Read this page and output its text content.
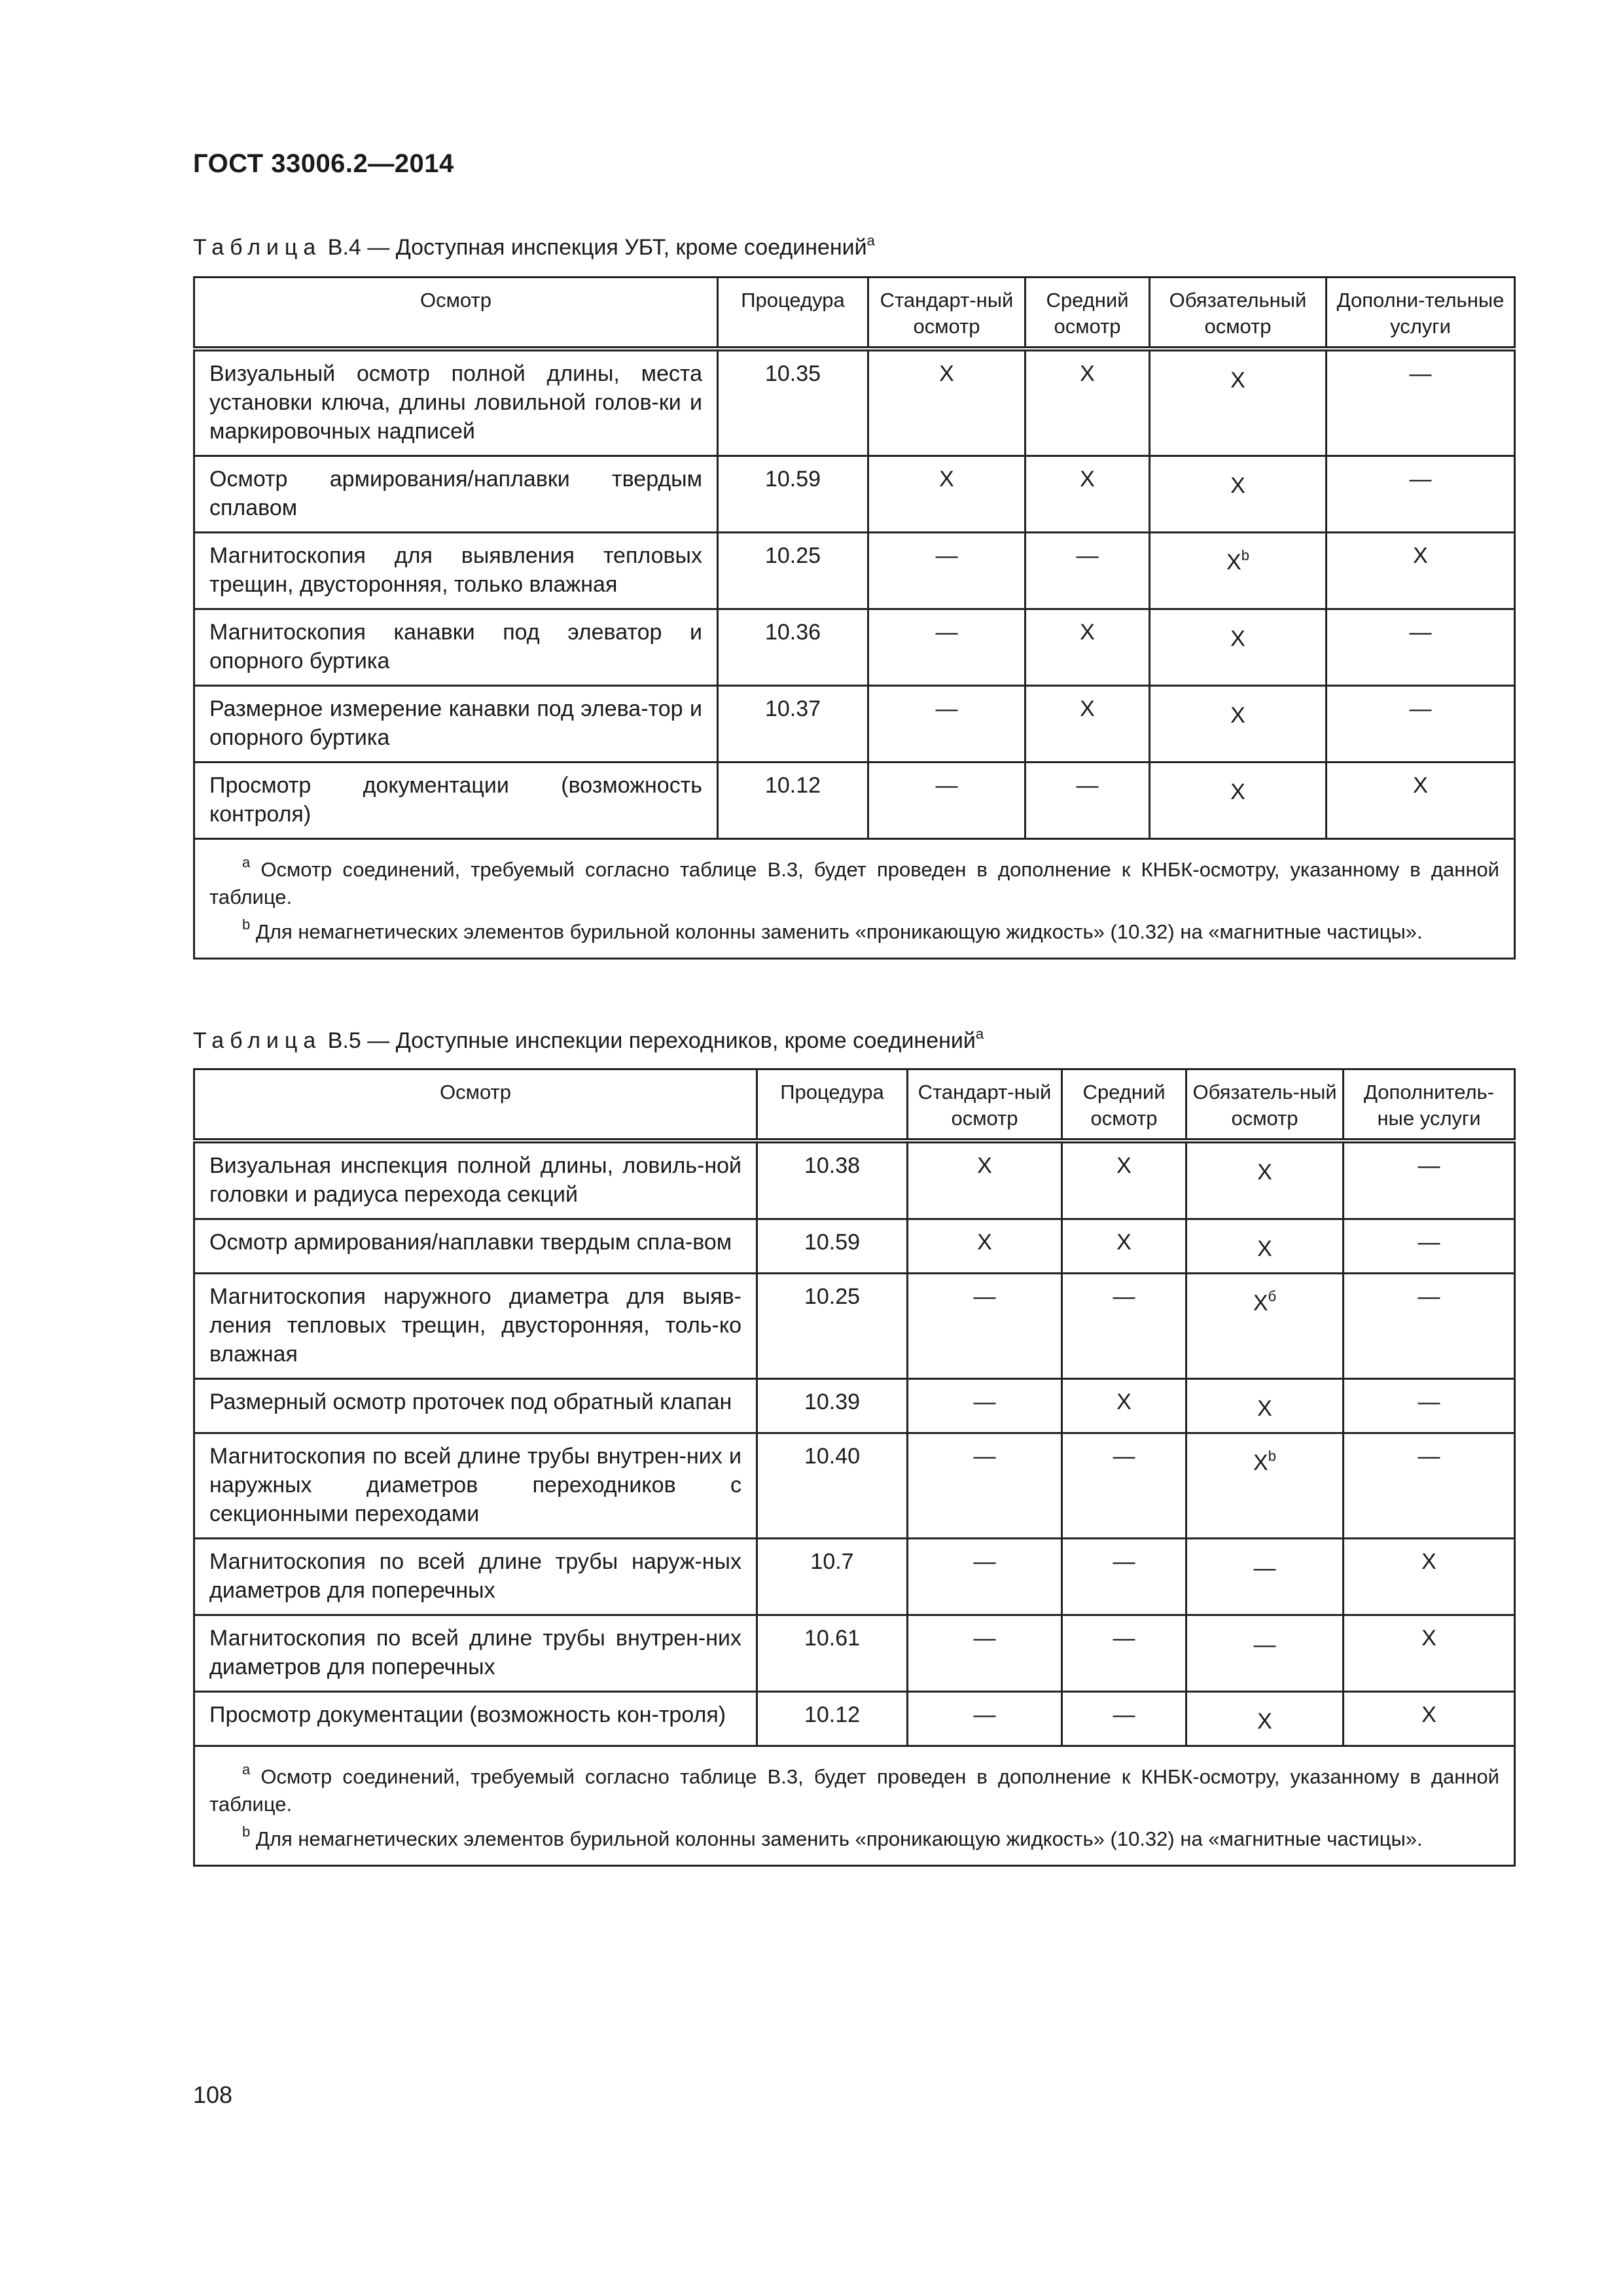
ГОСТ 33006.2—2014
Таблица В.4 — Доступная инспекция УБТ, кроме соединений$^a$
Осмотр	Процедура	Стандарт-ный осмотр	Средний осмотр	Обязательный осмотр	Дополни-тельные услуги
Визуальный осмотр полной длины, места установки ключа, длины ловильной голов-ки и маркировочных надписей	10.35	X	X	X	—
Осмотр армирования/наплавки твердым сплавом	10.59	X	X	X	—
Магнитоскопия для выявления тепловых трещин, двусторонняя, только влажная	10.25	—	—	$X^b$	X
Магнитоскопия канавки под элеватор и опорного буртика	10.36	—	X	X	—
Размерное измерение канавки под элева-тор и опорного буртика	10.37	—	X	X	—
Просмотр документации (возможность контроля)	10.12	—	—	X	X

$^a$ Осмотр соединений, требуемый согласно таблице В.3, будет проведен в дополнение к КНБК-осмотру, указанному в данной таблице.
$^b$ Для немагнетических элементов бурильной колонны заменить «проникающую жидкость» (10.32) на «магнитные частицы».					
Таблица В.5 — Доступные инспекции переходников, кроме соединений$^a$
Осмотр	Процедура	Стандарт-ный осмотр	Средний осмотр	Обязатель-ный осмотр	Дополнитель-ные услуги
Визуальная инспекция полной длины, ловиль-ной головки и радиуса перехода секций	10.38	X	X	X	—
Осмотр армирования/наплавки твердым спла-вом	10.59	X	X	X	—
Магнитоскопия наружного диаметра для выяв-ления тепловых трещин, двусторонняя, толь-ко влажная	10.25	—	—	$X^б$	—
Размерный осмотр проточек под обратный клапан	10.39	—	X	X	—
Магнитоскопия по всей длине трубы внутрен-них и наружных диаметров переходников с секционными переходами	10.40	—	—	$X^b$	—
Магнитоскопия по всей длине трубы наруж-ных диаметров для поперечных	10.7	—	—	—	X
Магнитоскопия по всей длине трубы внутрен-них диаметров для поперечных	10.61	—	—	—	X
Просмотр документации (возможность кон-троля)	10.12	—	—	X	X

$^a$ Осмотр соединений, требуемый согласно таблице В.3, будет проведен в дополнение к КНБК-осмотру, указанному в данной таблице.
$^b$ Для немагнетических элементов бурильной колонны заменить «проникающую жидкость» (10.32) на «магнитные частицы».					
108
